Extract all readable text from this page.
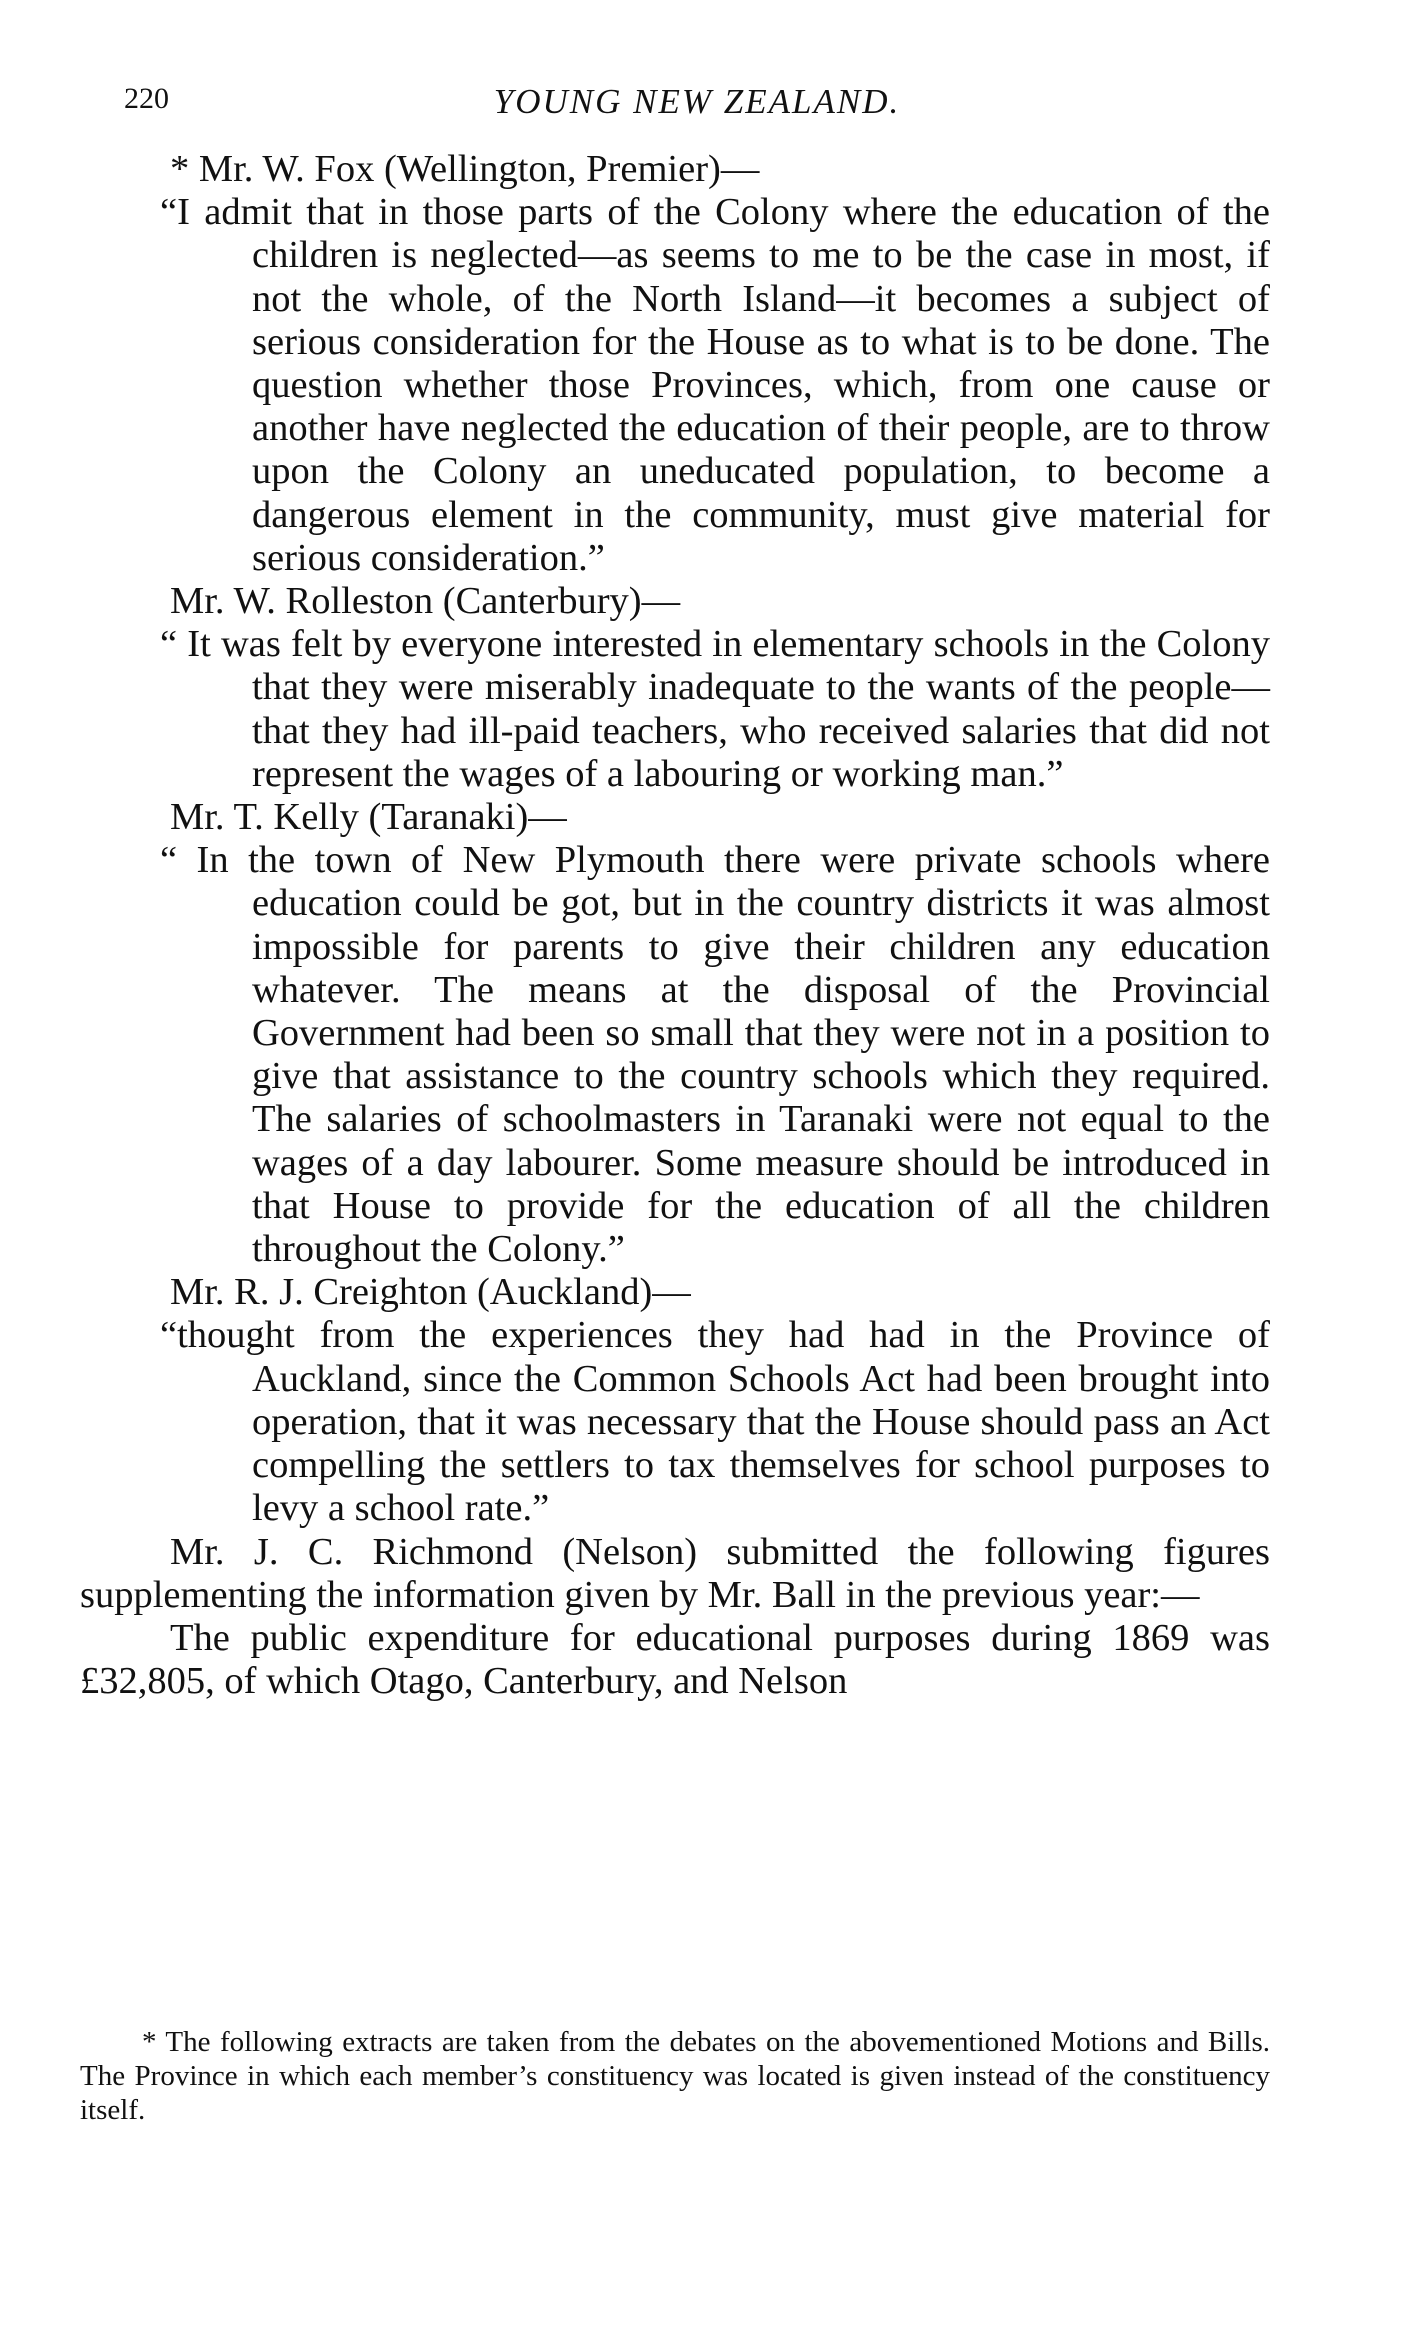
220	YOUNG NEW ZEALAND.

* Mr. W. Fox (Wellington, Premier)—

“I admit that in those parts of the Colony where the education of the children is neglected—as seems to me to be the case in most, if not the whole, of the North Island—it becomes a subject of serious consideration for the House as to what is to be done. The question whether those Provinces, which, from one cause or another have neglected the education of their people, are to throw upon the Colony an uneducated population, to become a dangerous element in the community, must give material for serious consideration.”

Mr. W. Rolleston (Canterbury)—

“ It was felt by everyone interested in elementary schools in the Colony that they were miserably inadequate to the wants of the people—that they had ill-paid teachers, who received salaries that did not represent the wages of a labouring or working man.”

Mr. T. Kelly (Taranaki)—

“ In the town of New Plymouth there were private schools where education could be got, but in the country districts it was almost impossible for parents to give their children any education whatever. The means at the disposal of the Provincial Government had been so small that they were not in a position to give that assistance to the country schools which they required. The salaries of schoolmasters in Taranaki were not equal to the wages of a day labourer. Some measure should be introduced in that House to provide for the education of all the children throughout the Colony.”

Mr. R. J. Creighton (Auckland)—

“thought from the experiences they had had in the Province of Auckland, since the Common Schools Act had been brought into operation, that it was necessary that the House should pass an Act compelling the settlers to tax themselves for school purposes to levy a school rate.”

Mr. J. C. Richmond (Nelson) submitted the following figures supplementing the information given by Mr. Ball in the previous year:—

The public expenditure for educational purposes during 1869 was £32,805, of which Otago, Canterbury, and Nelson

* The following extracts are taken from the debates on the abovementioned Motions and Bills. The Province in which each member’s constituency was located is given instead of the constituency itself.
